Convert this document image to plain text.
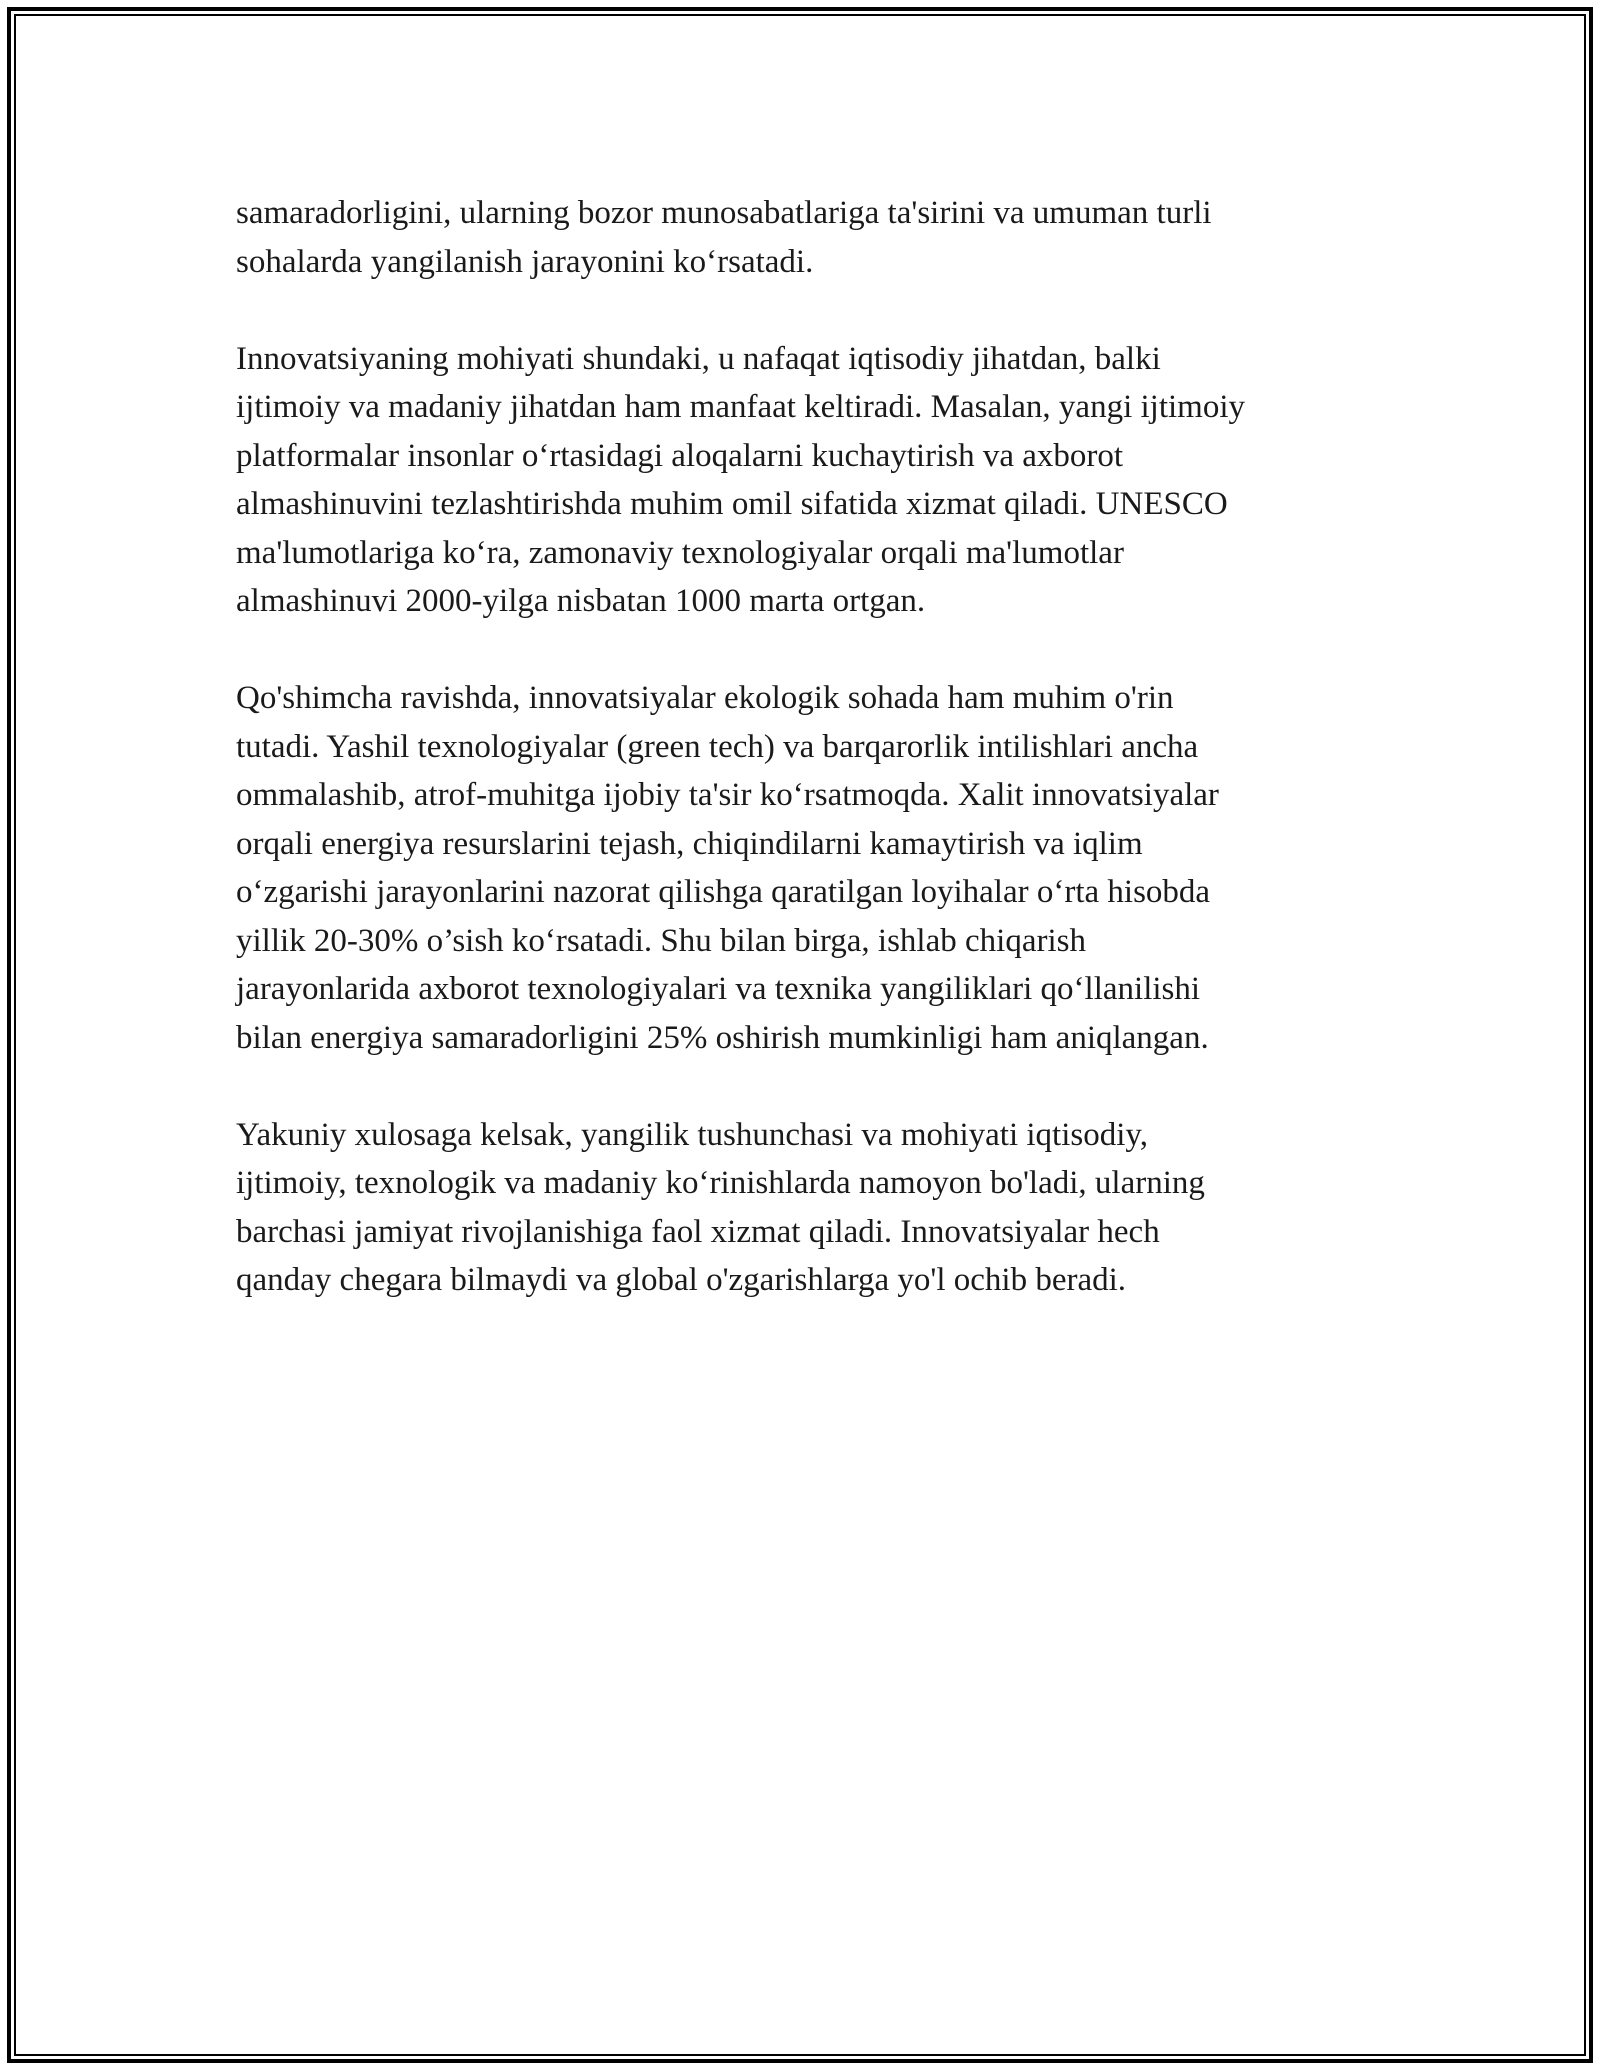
samaradorligini, ularning bozor munosabatlariga ta'sirini va umuman turli
sohalarda yangilanish jarayonini ko‘rsatadi.

Innovatsiyaning mohiyati shundaki, u nafaqat iqtisodiy jihatdan, balki
ijtimoiy va madaniy jihatdan ham manfaat keltiradi. Masalan, yangi ijtimoiy
platformalar insonlar o‘rtasidagi aloqalarni kuchaytirish va axborot
almashinuvini tezlashtirishda muhim omil sifatida xizmat qiladi. UNESCO
ma'lumotlariga ko‘ra, zamonaviy texnologiyalar orqali ma'lumotlar
almashinuvi 2000-yilga nisbatan 1000 marta ortgan.

Qo'shimcha ravishda, innovatsiyalar ekologik sohada ham muhim o'rin
tutadi. Yashil texnologiyalar (green tech) va barqarorlik intilishlari ancha
ommalashib, atrof-muhitga ijobiy ta'sir ko‘rsatmoqda. Xalit innovatsiyalar
orqali energiya resurslarini tejash, chiqindilarni kamaytirish va iqlim
o‘zgarishi jarayonlarini nazorat qilishga qaratilgan loyihalar o‘rta hisobda
yillik 20-30% o’sish ko‘rsatadi. Shu bilan birga, ishlab chiqarish
jarayonlarida axborot texnologiyalari va texnika yangiliklari qo‘llanilishi
bilan energiya samaradorligini 25% oshirish mumkinligi ham aniqlangan.

Yakuniy xulosaga kelsak, yangilik tushunchasi va mohiyati iqtisodiy,
ijtimoiy, texnologik va madaniy ko‘rinishlarda namoyon bo'ladi, ularning
barchasi jamiyat rivojlanishiga faol xizmat qiladi. Innovatsiyalar hech
qanday chegara bilmaydi va global o'zgarishlarga yo'l ochib beradi.
